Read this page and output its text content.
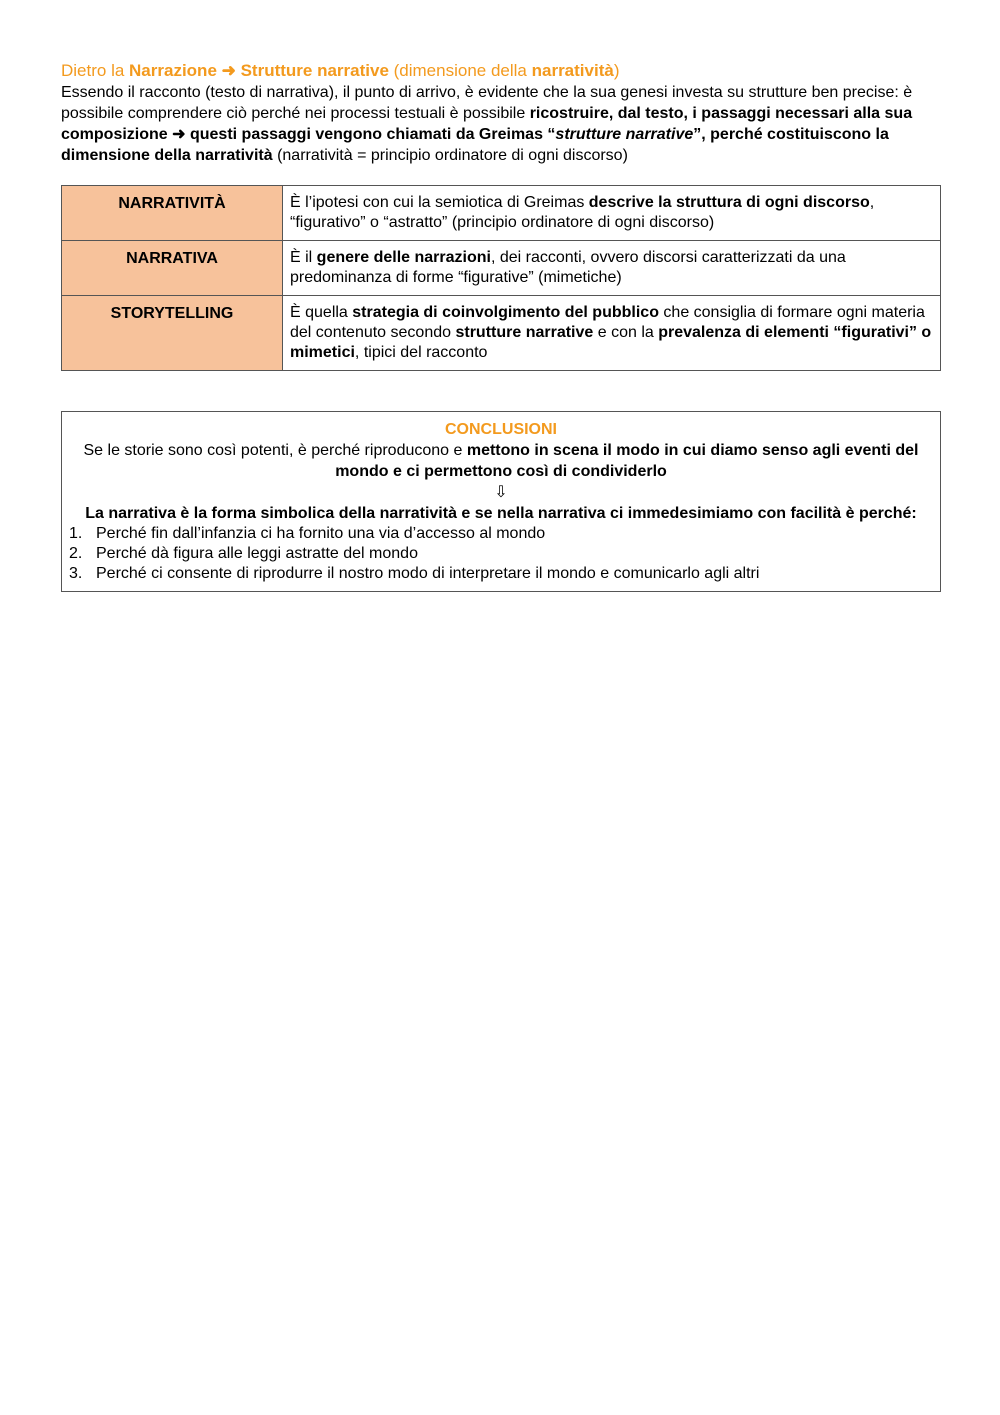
Dietro la Narrazione ➜ Strutture narrative (dimensione della narratività)

Essendo il racconto (testo di narrativa), il punto di arrivo, è evidente che la sua genesi investa su strutture ben precise: è possibile comprendere ciò perché nei processi testuali è possibile ricostruire, dal testo, i passaggi necessari alla sua composizione ➜ questi passaggi vengono chiamati da Greimas “strutture narrative”, perché costituiscono la dimensione della narratività (narratività = principio ordinatore di ogni discorso)

NARRATIVITÀ	È l’ipotesi con cui la semiotica di Greimas descrive la struttura di ogni discorso, “figurativo” o “astratto” (principio ordinatore di ogni discorso)
NARRATIVA	È il genere delle narrazioni, dei racconti, ovvero discorsi caratterizzati da una predominanza di forme “figurative” (mimetiche)
STORYTELLING	È quella strategia di coinvolgimento del pubblico che consiglia di formare ogni materia del contenuto secondo strutture narrative e con la prevalenza di elementi “figurativi” o mimetici, tipici del racconto
CONCLUSIONI
Se le storie sono così potenti, è perché riproducono e mettono in scena il modo in cui diamo senso agli eventi del mondo e ci permettono così di condividerlo
⇩
La narrativa è la forma simbolica della narratività e se nella narrativa ci immedesimiamo con facilità è perché:
1. Perché fin dall’infanzia ci ha fornito una via d’accesso al mondo
2. Perché dà figura alle leggi astratte del mondo
3. Perché ci consente di riprodurre il nostro modo di interpretare il mondo e comunicarlo agli altri
